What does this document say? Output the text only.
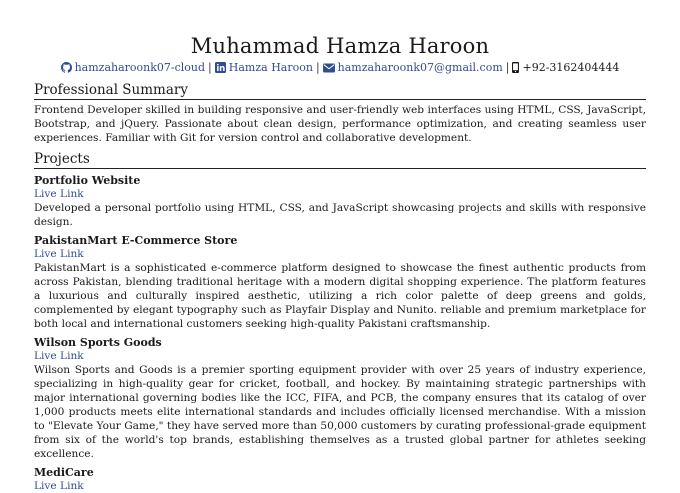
Muhammad Hamza Haroon
hamzaharoonk07-cloud | Hamza Haroon | hamzaharoonk07@gmail.com | +92-3162404444
Professional Summary
Frontend Developer skilled in building responsive and user-friendly web interfaces using HTML, CSS, JavaScript, Bootstrap, and jQuery. Passionate about clean design, performance optimization, and creating seamless user experiences. Familiar with Git for version control and collaborative development.
Projects
Portfolio Website
Live Link
Developed a personal portfolio using HTML, CSS, and JavaScript showcasing projects and skills with responsive design.
PakistanMart E-Commerce Store
Live Link
PakistanMart is a sophisticated e-commerce platform designed to showcase the finest authentic products from across Pakistan, blending traditional heritage with a modern digital shopping experience. The platform features a luxurious and culturally inspired aesthetic, utilizing a rich color palette of deep greens and golds, complemented by elegant typography such as Playfair Display and Nunito. reliable and premium marketplace for both local and international customers seeking high-quality Pakistani craftsmanship.
Wilson Sports Goods
Live Link
Wilson Sports and Goods is a premier sporting equipment provider with over 25 years of industry experience, specializing in high-quality gear for cricket, football, and hockey. By maintaining strategic partnerships with major international governing bodies like the ICC, FIFA, and PCB, the company ensures that its catalog of over 1,000 products meets elite international standards and includes officially licensed merchandise. With a mission to "Elevate Your Game," they have served more than 50,000 customers by curating professional-grade equipment from six of the world's top brands, establishing themselves as a trusted global partner for athletes seeking excellence.
MediCare
Live Link
